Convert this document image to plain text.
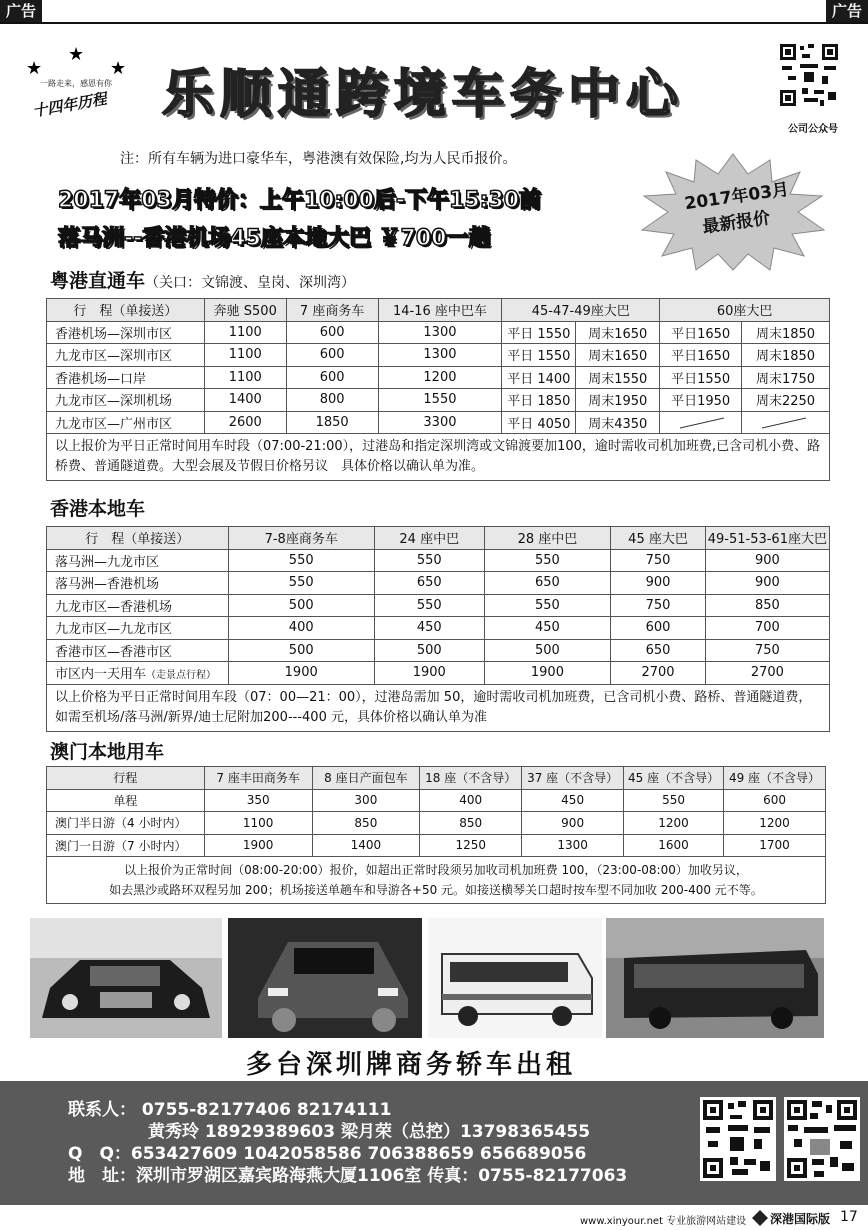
广告	广告
★
★
★
一路走来，感恩有你
十四年历程 乐顺通跨境车务中心
公司公众号
注：所有车辆为进口豪华车，粤港澳有效保险,均为人民币报价。
2017年03月特价：上午10:00后-下午15:30前
落马洲--香港机场45座本地大巴 ￥700一趟
2017年03月
最新报价
粤港直通车（关口：文锦渡、皇岗、深圳湾）
行　程（单接送）	奔驰 S500	7 座商务车	14-16 座中巴车	45-47-49座大巴		60座大巴	
香港机场—深圳市区	1100	600	1300	平日 1550	周末1650	平日1650	周末1850
九龙市区—深圳市区	1100	600	1300	平日 1550	周末1650	平日1650	周末1850
香港机场—口岸	1100	600	1200	平日 1400	周末1550	平日1550	周末1750
九龙市区—深圳机场	1400	800	1550	平日 1850	周末1950	平日1950	周末2250
九龙市区—广州市区	2600	1850	3300	平日 4050	周末4350	

以上报价为平日正常时间用车时段（07:00-21:00），过港岛和指定深圳湾或文锦渡要加100，逾时需收司机加班费,已含司机小费、路桥费、普通隧道费。大型会展及节假日价格另议　具体价格以确认单为准。							
香港本地车
行　程（单接送）	7-8座商务车	24 座中巴	28 座中巴	45 座大巴	49-51-53-61座大巴
落马洲—九龙市区	550	550	550	750	900
落马洲—香港机场	550	650	650	900	900
九龙市区—香港机场	500	550	550	750	850
九龙市区—九龙市区	400	450	450	600	700
香港市区—香港市区	500	500	500	650	750
市区内一天用车（走景点行程）	1900	1900	1900	2700	2700
以上价格为平日正常时间用车段（07：00—21：00），过港岛需加 50，逾时需收司机加班费，已含司机小费、路桥、普通隧道费，如需至机场/落马洲/新界/迪士尼附加200---400 元，具体价格以确认单为准					
澳门本地用车
行程	7 座丰田商务车	8 座日产面包车	18 座（不含导）	37 座（不含导）	45 座（不含导）	49 座（不含导）
单程	350	300	400	450	550	600
澳门半日游（4 小时内）	1100	850	850	900	1200	1200
澳门一日游（7 小时内）	1900	1400	1250	1300	1600	1700

以上报价为正常时间（08:00-20:00）报价，如超出正常时段须另加收司机加班费 100，（23:00-08:00）加收另议，
如去黑沙或路环双程另加 200；机场接送单趟车和导游各+50 元。如接送横琴关口超时按车型不同加收 200-400 元不等。						
多台深圳牌商务轿车出租
联系人： 0755-82177406 82174111
黄秀玲 18929389603 梁月荣（总控）13798365455
Q　Q：653427609 1042058586 706388659 656689056
地　址：深圳市罗湖区嘉宾路海燕大厦1106室 传真：0755-82177063
www.xinyour.net 专业旅游网站建设 深港国际版 17
